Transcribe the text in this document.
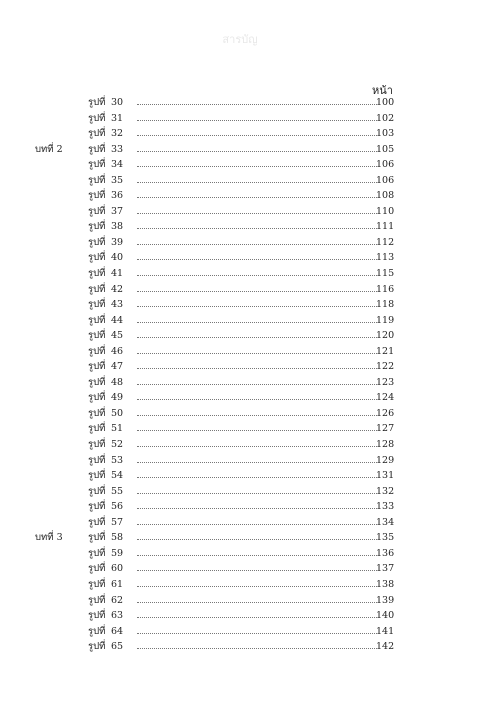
สารบัญ
หน้า
รูปที่ 30	100
รูปที่ 31	102
รูปที่ 32	103
บทที่ 2	รูปที่ 33	105
รูปที่ 34	106
รูปที่ 35	106
รูปที่ 36	108
รูปที่ 37	110
รูปที่ 38	111
รูปที่ 39	112
รูปที่ 40	113
รูปที่ 41	115
รูปที่ 42	116
รูปที่ 43	118
รูปที่ 44	119
รูปที่ 45	120
รูปที่ 46	121
รูปที่ 47	122
รูปที่ 48	123
รูปที่ 49	124
รูปที่ 50	126
รูปที่ 51	127
รูปที่ 52	128
รูปที่ 53	129
รูปที่ 54	131
รูปที่ 55	132
รูปที่ 56	133
รูปที่ 57	134
บทที่ 3	รูปที่ 58	135
รูปที่ 59	136
รูปที่ 60	137
รูปที่ 61	138
รูปที่ 62	139
รูปที่ 63	140
รูปที่ 64	141
รูปที่ 65	142
